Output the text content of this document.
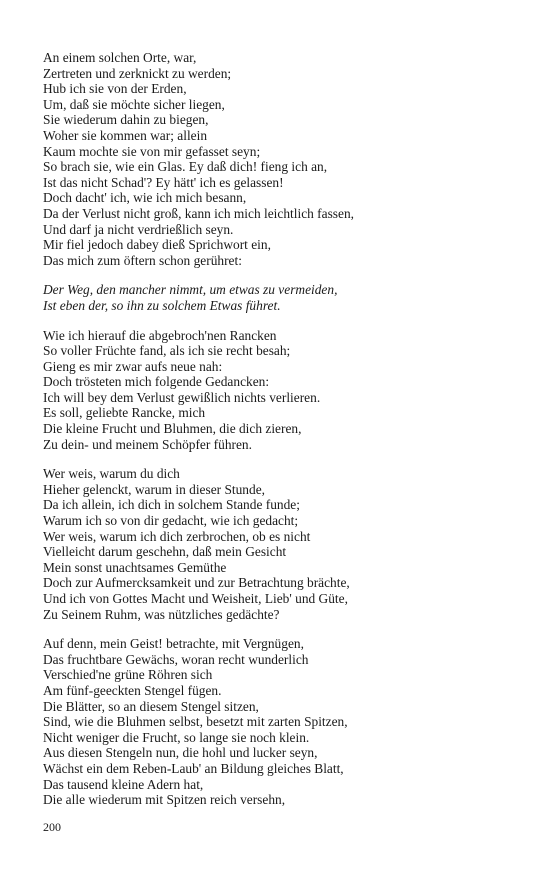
An einem solchen Orte, war,
Zertreten und zerknickt zu werden;
Hub ich sie von der Erden,
Um, daß sie möchte sicher liegen,
Sie wiederum dahin zu biegen,
Woher sie kommen war; allein
Kaum mochte sie von mir gefasset seyn;
So brach sie, wie ein Glas. Ey daß dich! fieng ich an,
Ist das nicht Schad'? Ey hätt' ich es gelassen!
Doch dacht' ich, wie ich mich besann,
Da der Verlust nicht groß, kann ich mich leichtlich fassen,
Und darf ja nicht verdrießlich seyn.
Mir fiel jedoch dabey dieß Sprichwort ein,
Das mich zum öftern schon gerühret:
Der Weg, den mancher nimmt, um etwas zu vermeiden,
Ist eben der, so ihn zu solchem Etwas führet.
Wie ich hierauf die abgebroch'nen Rancken
So voller Früchte fand, als ich sie recht besah;
Gieng es mir zwar aufs neue nah:
Doch trösteten mich folgende Gedancken:
Ich will bey dem Verlust gewißlich nichts verlieren.
Es soll, geliebte Rancke, mich
Die kleine Frucht und Bluhmen, die dich zieren,
Zu dein- und meinem Schöpfer führen.
Wer weis, warum du dich
Hieher gelenckt, warum in dieser Stunde,
Da ich allein, ich dich in solchem Stande funde;
Warum ich so von dir gedacht, wie ich gedacht;
Wer weis, warum ich dich zerbrochen, ob es nicht
Vielleicht darum geschehn, daß mein Gesicht
Mein sonst unachtsames Gemüthe
Doch zur Aufmercksamkeit und zur Betrachtung brächte,
Und ich von Gottes Macht und Weisheit, Lieb' und Güte,
Zu Seinem Ruhm, was nützliches gedächte?
Auf denn, mein Geist! betrachte, mit Vergnügen,
Das fruchtbare Gewächs, woran recht wunderlich
Verschied'ne grüne Röhren sich
Am fünf-geeckten Stengel fügen.
Die Blätter, so an diesem Stengel sitzen,
Sind, wie die Bluhmen selbst, besetzt mit zarten Spitzen,
Nicht weniger die Frucht, so lange sie noch klein.
Aus diesen Stengeln nun, die hohl und lucker seyn,
Wächst ein dem Reben-Laub' an Bildung gleiches Blatt,
Das tausend kleine Adern hat,
Die alle wiederum mit Spitzen reich versehn,
200
